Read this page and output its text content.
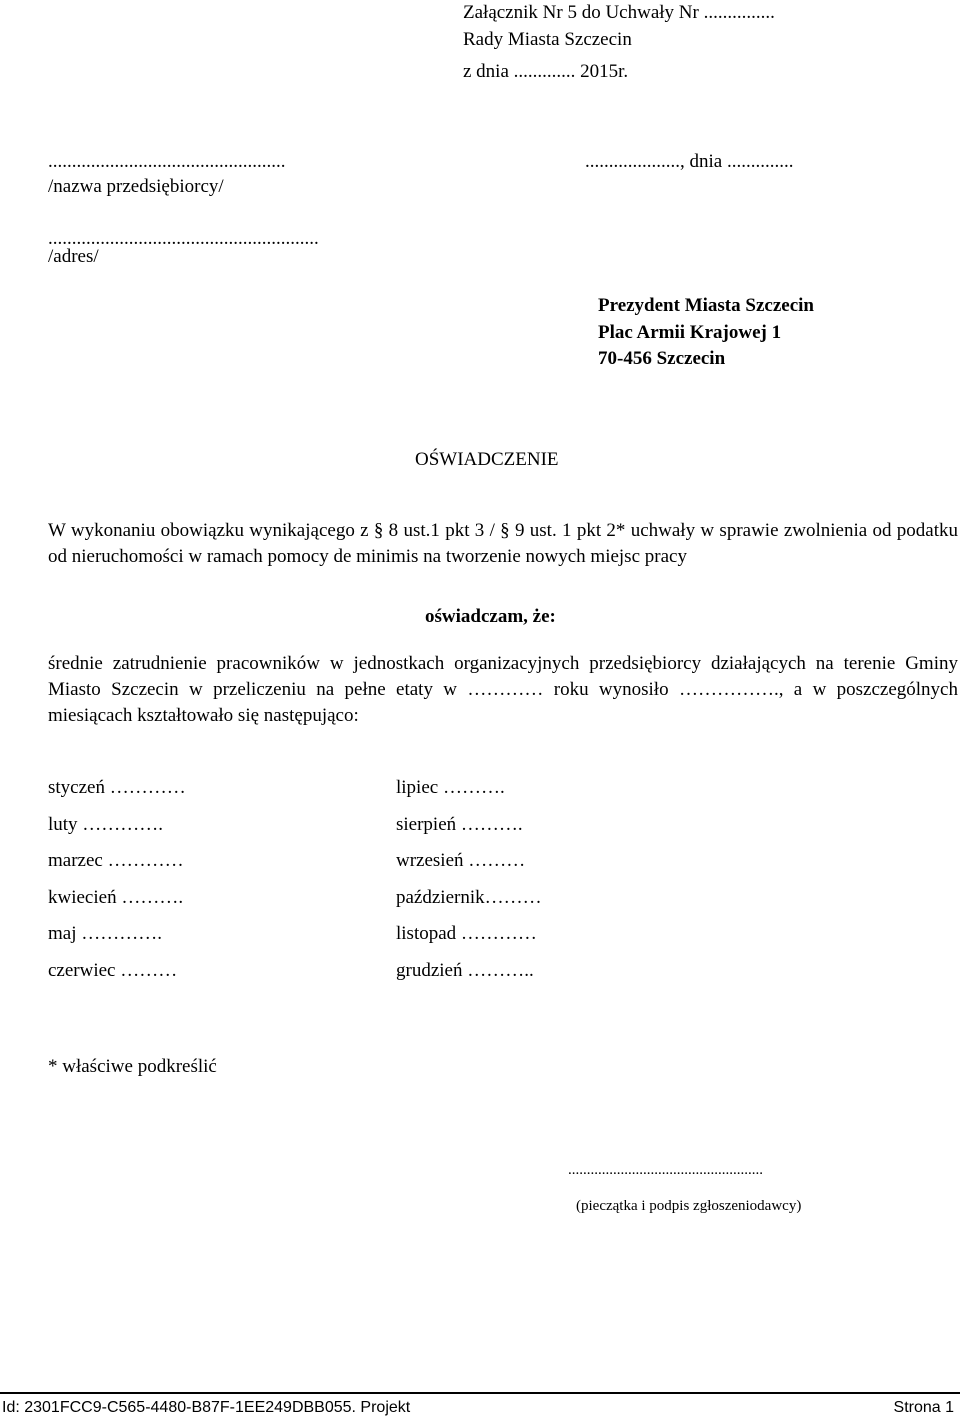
Załącznik Nr 5 do Uchwały Nr ...............
Rady Miasta Szczecin
z dnia ............. 2015r.
..................................................
/nazwa przedsiębiorcy/
.........................................................
/adres/
...................., dnia ..............
Prezydent Miasta Szczecin
Plac Armii Krajowej 1
70-456 Szczecin
OŚWIADCZENIE
W wykonaniu obowiązku wynikającego z § 8 ust.1 pkt 3 / § 9 ust. 1 pkt 2* uchwały w sprawie zwolnienia od podatku od nieruchomości w ramach pomocy de minimis na tworzenie nowych miejsc pracy
oświadczam, że:
średnie zatrudnienie pracowników w jednostkach organizacyjnych przedsiębiorcy działających na terenie Gminy Miasto Szczecin w przeliczeniu na pełne etaty w ………… roku wynosiło ……………., a w poszczególnych miesiącach kształtowało się następująco:
styczeń …………
luty ………….
marzec …………
kwiecień ……….
maj ………….
czerwiec ………
lipiec ……….
sierpień ……….
wrzesień ………
październik………
listopad …………
grudzień ………..
* właściwe podkreślić
....................................................
(pieczątka i podpis zgłoszeniodawcy)
Id: 2301FCC9-C565-4480-B87F-1EE249DBB055. Projekt	Strona 1
